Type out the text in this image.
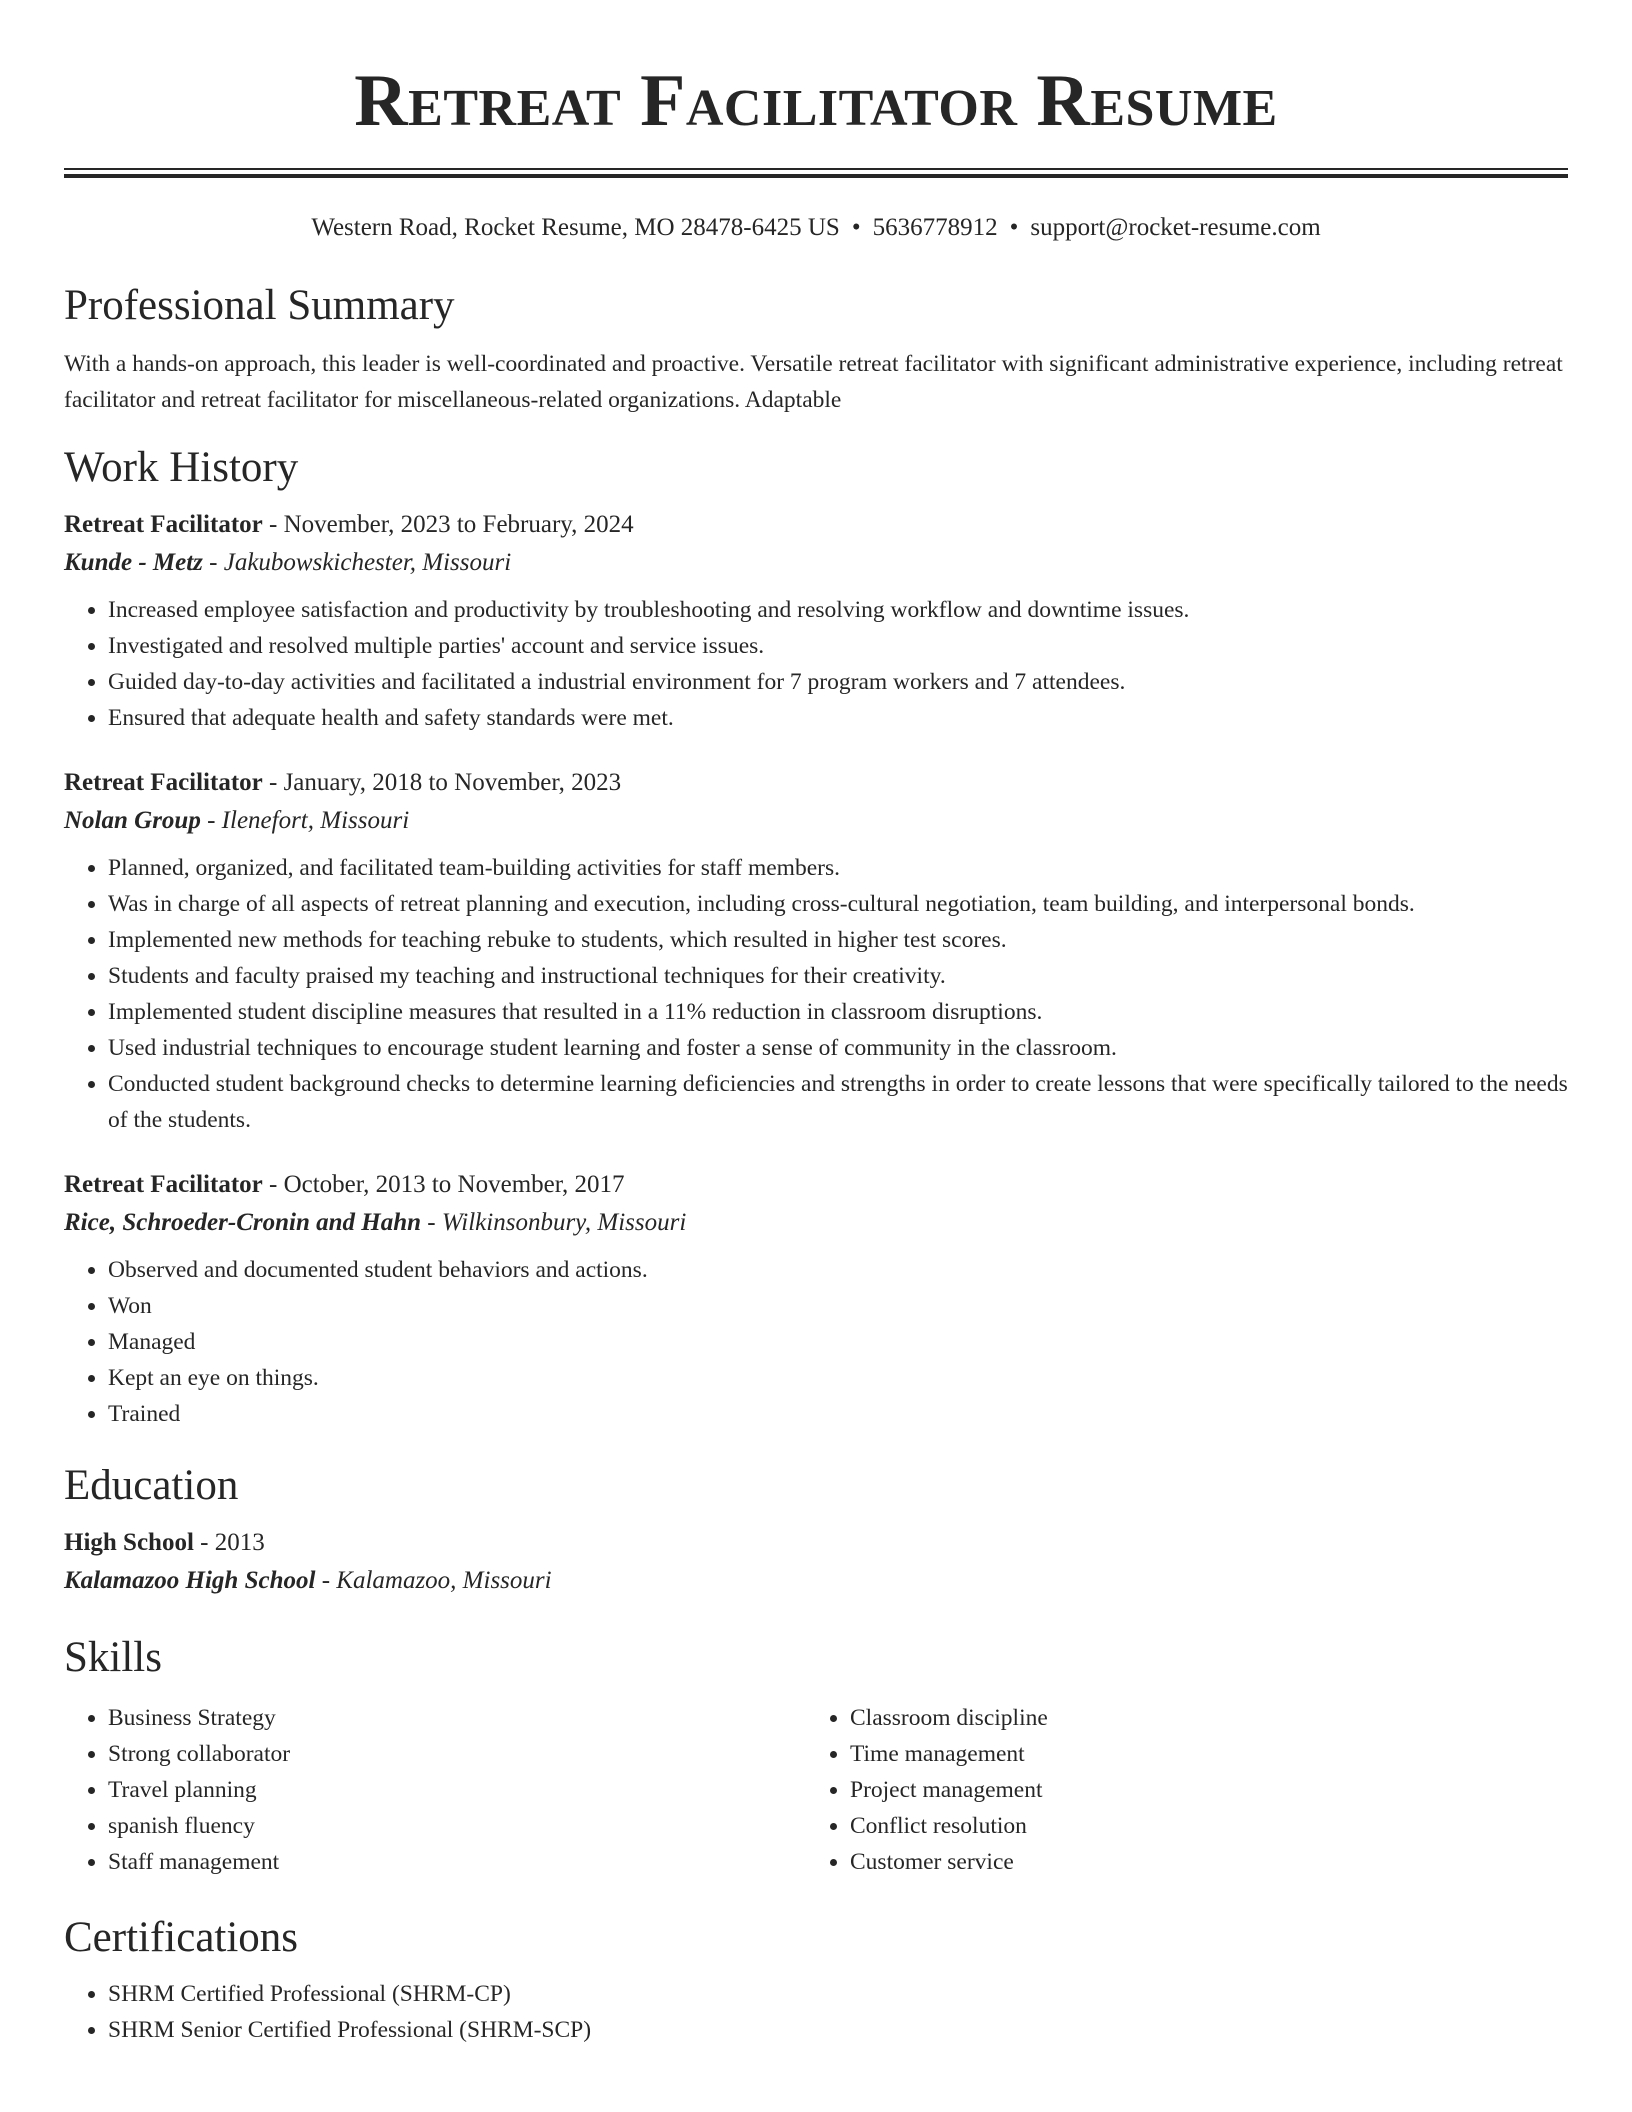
Retreat Facilitator Resume
Western Road, Rocket Resume, MO 28478-6425 US • 5636778912 • support@rocket-resume.com
Professional Summary

With a hands-on approach, this leader is well-coordinated and proactive. Versatile retreat facilitator with significant administrative experience, including retreat facilitator and retreat facilitator for miscellaneous-related organizations. Adaptable

Work History
Retreat Facilitator - November, 2023 to February, 2024
Kunde - Metz - Jakubowskichester, Missouri
• Increased employee satisfaction and productivity by troubleshooting and resolving workflow and downtime issues.
• Investigated and resolved multiple parties' account and service issues.
• Guided day-to-day activities and facilitated a industrial environment for 7 program workers and 7 attendees.
• Ensured that adequate health and safety standards were met.
Retreat Facilitator - January, 2018 to November, 2023
Nolan Group - Ilenefort, Missouri
• Planned, organized, and facilitated team-building activities for staff members.
• Was in charge of all aspects of retreat planning and execution, including cross-cultural negotiation, team building, and interpersonal bonds.
• Implemented new methods for teaching rebuke to students, which resulted in higher test scores.
• Students and faculty praised my teaching and instructional techniques for their creativity.
• Implemented student discipline measures that resulted in a 11% reduction in classroom disruptions.
• Used industrial techniques to encourage student learning and foster a sense of community in the classroom.
• Conducted student background checks to determine learning deficiencies and strengths in order to create lessons that were specifically tailored to the needs of the students.
Retreat Facilitator - October, 2013 to November, 2017
Rice, Schroeder-Cronin and Hahn - Wilkinsonbury, Missouri
• Observed and documented student behaviors and actions.
• Won
• Managed
• Kept an eye on things.
• Trained
Education
High School - 2013
Kalamazoo High School - Kalamazoo, Missouri
Skills
• Business Strategy
• Strong collaborator
• Travel planning
• spanish fluency
• Staff management
• Classroom discipline
• Time management
• Project management
• Conflict resolution
• Customer service
Certifications
• SHRM Certified Professional (SHRM-CP)
• SHRM Senior Certified Professional (SHRM-SCP)
